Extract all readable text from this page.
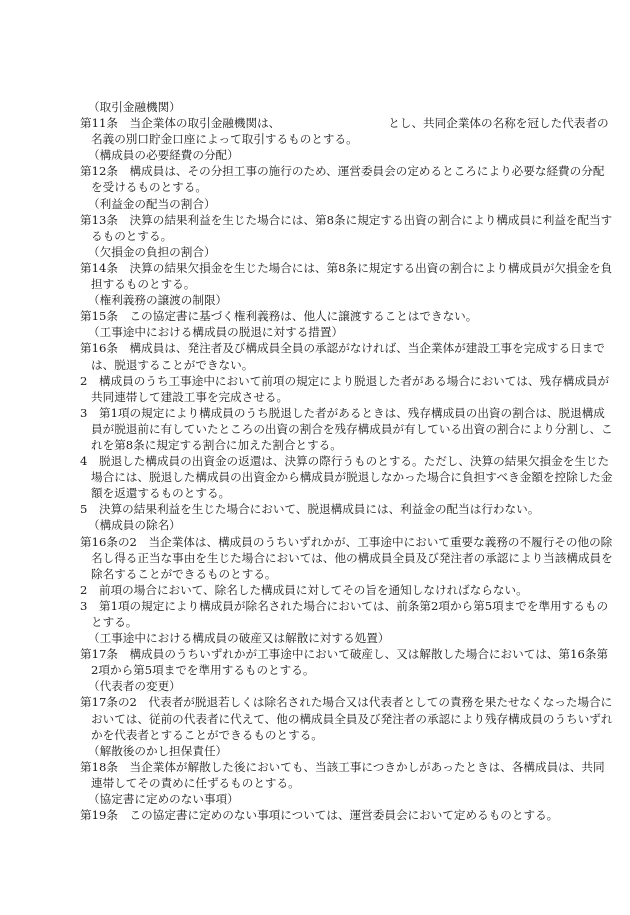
（取引金融機関）
第11条　当企業体の取引金融機関は、	とし、共同企業体の名称を冠した代表者の名義の別口貯金口座によって取引するものとする。
（構成員の必要経費の分配）
第12条　構成員は、その分担工事の施行のため、運営委員会の定めるところにより必要な経費の分配を受けるものとする。
（利益金の配当の割合）
第13条　決算の結果利益を生じた場合には、第8条に規定する出資の割合により構成員に利益を配当するものとする。
（欠損金の負担の割合）
第14条　決算の結果欠損金を生じた場合には、第8条に規定する出資の割合により構成員が欠損金を負担するものとする。
（権利義務の譲渡の制限）
第15条　この協定書に基づく権利義務は、他人に譲渡することはできない。
（工事途中における構成員の脱退に対する措置）
第16条　構成員は、発注者及び構成員全員の承認がなければ、当企業体が建設工事を完成する日までは、脱退することができない。
2　構成員のうち工事途中において前項の規定により脱退した者がある場合においては、残存構成員が共同連帯して建設工事を完成させる。
3　第1項の規定により構成員のうち脱退した者があるときは、残存構成員の出資の割合は、脱退構成員が脱退前に有していたところの出資の割合を残存構成員が有している出資の割合により分割し、これを第8条に規定する割合に加えた割合とする。
4　脱退した構成員の出資金の返還は、決算の際行うものとする。ただし、決算の結果欠損金を生じた場合には、脱退した構成員の出資金から構成員が脱退しなかった場合に負担すべき金額を控除した金額を返還するものとする。
5　決算の結果利益を生じた場合において、脱退構成員には、利益金の配当は行わない。
（構成員の除名）
第16条の2　当企業体は、構成員のうちいずれかが、工事途中において重要な義務の不履行その他の除名し得る正当な事由を生じた場合においては、他の構成員全員及び発注者の承認により当該構成員を除名することができるものとする。
2　前項の場合において、除名した構成員に対してその旨を通知しなければならない。
3　第1項の規定により構成員が除名された場合においては、前条第2項から第5項までを準用するものとする。
（工事途中における構成員の破産又は解散に対する処置）
第17条　構成員のうちいずれかが工事途中において破産し、又は解散した場合においては、第16条第2項から第5項までを準用するものとする。
（代表者の変更）
第17条の2　代表者が脱退若しくは除名された場合又は代表者としての責務を果たせなくなった場合においては、従前の代表者に代えて、他の構成員全員及び発注者の承認により残存構成員のうちいずれかを代表者とすることができるものとする。
（解散後のかし担保責任）
第18条　当企業体が解散した後においても、当該工事につきかしがあったときは、各構成員は、共同連帯してその責めに任ずるものとする。
（協定書に定めのない事項）
第19条　この協定書に定めのない事項については、運営委員会において定めるものとする。
